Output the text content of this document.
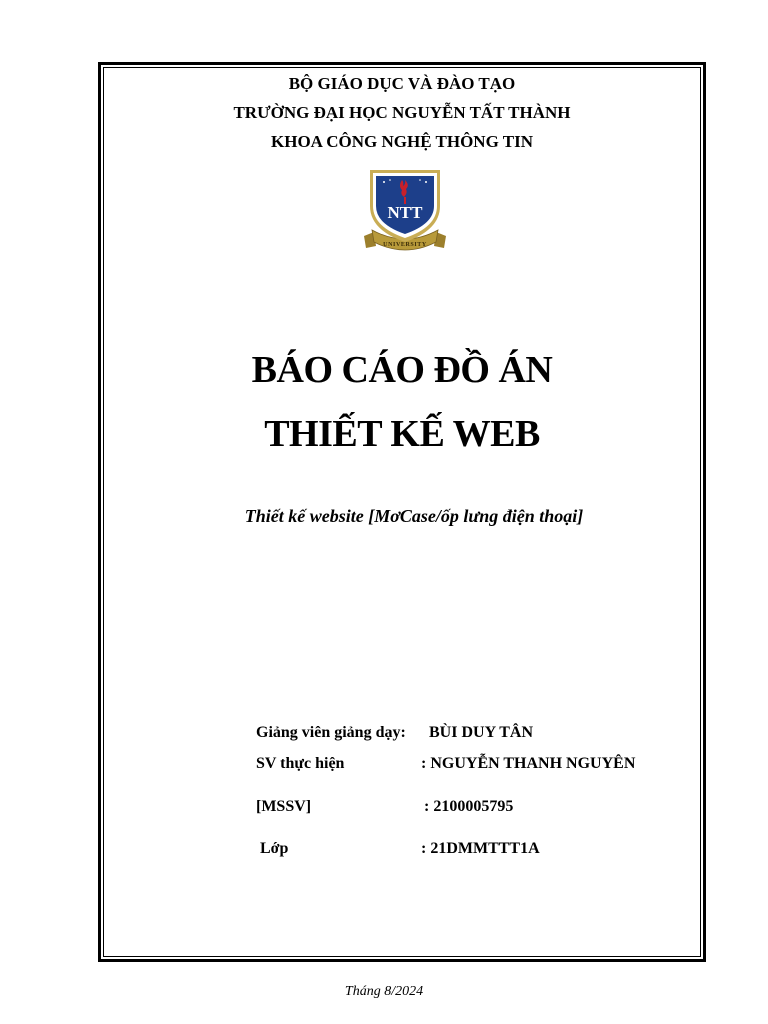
BỘ GIÁO DỤC VÀ ĐÀO TẠO
TRƯỜNG ĐẠI HỌC NGUYỄN TẤT THÀNH
KHOA CÔNG NGHỆ THÔNG TIN
NTT
UNIVERSITY
BÁO CÁO ĐỒ ÁN
THIẾT KẾ WEB
Thiết kế website [MơCase/ốp lưng điện thoại]
Giảng viên giảng dạy: BÙI DUY TÂN
SV thực hiện	: NGUYỄN THANH NGUYÊN
[MSSV]	: 2100005795
Lớp	: 21DMMTTT1A
Tháng 8/2024
